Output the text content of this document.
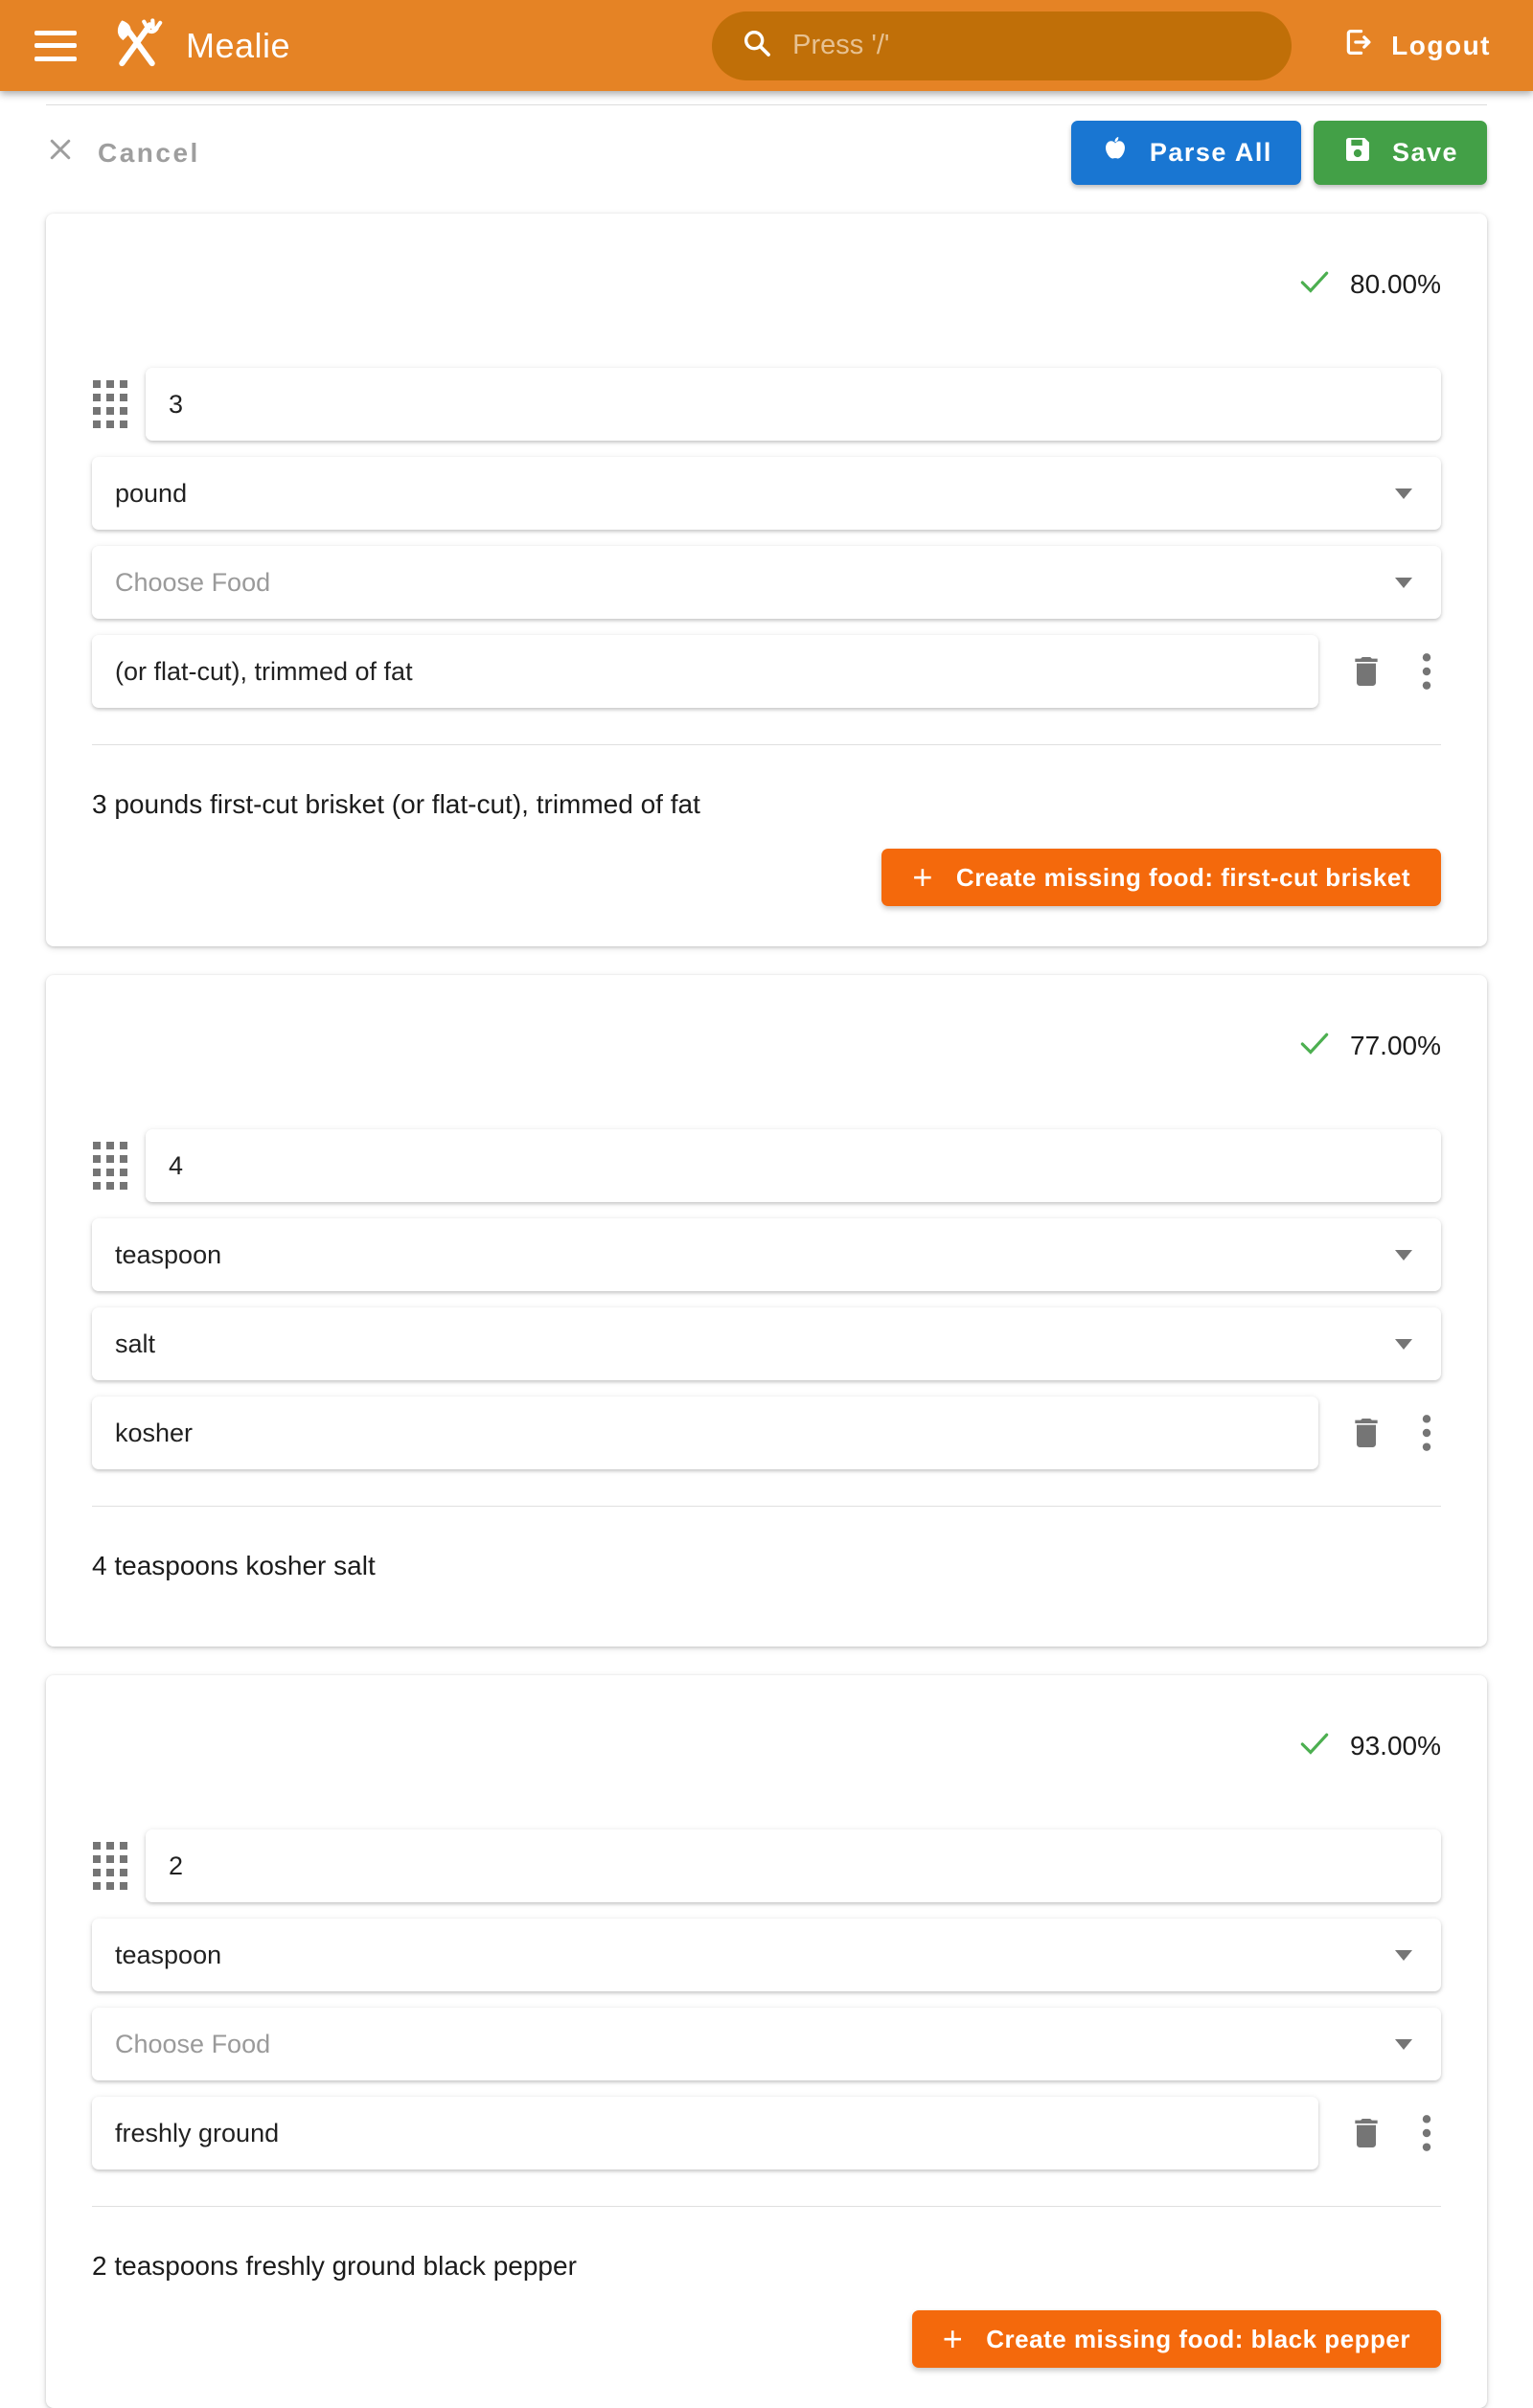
Mealie	Press '/'	Logout
Cancel	Parse All	Save
80.00%
3
pound
Choose Food
(or flat-cut), trimmed of fat

3 pounds first-cut brisket (or flat-cut), trimmed of fat

+ Create missing food: first-cut brisket
77.00%
4
teaspoon
salt
kosher

4 teaspoons kosher salt

93.00%
2
teaspoon
Choose Food
freshly ground

2 teaspoons freshly ground black pepper

+ Create missing food: black pepper
